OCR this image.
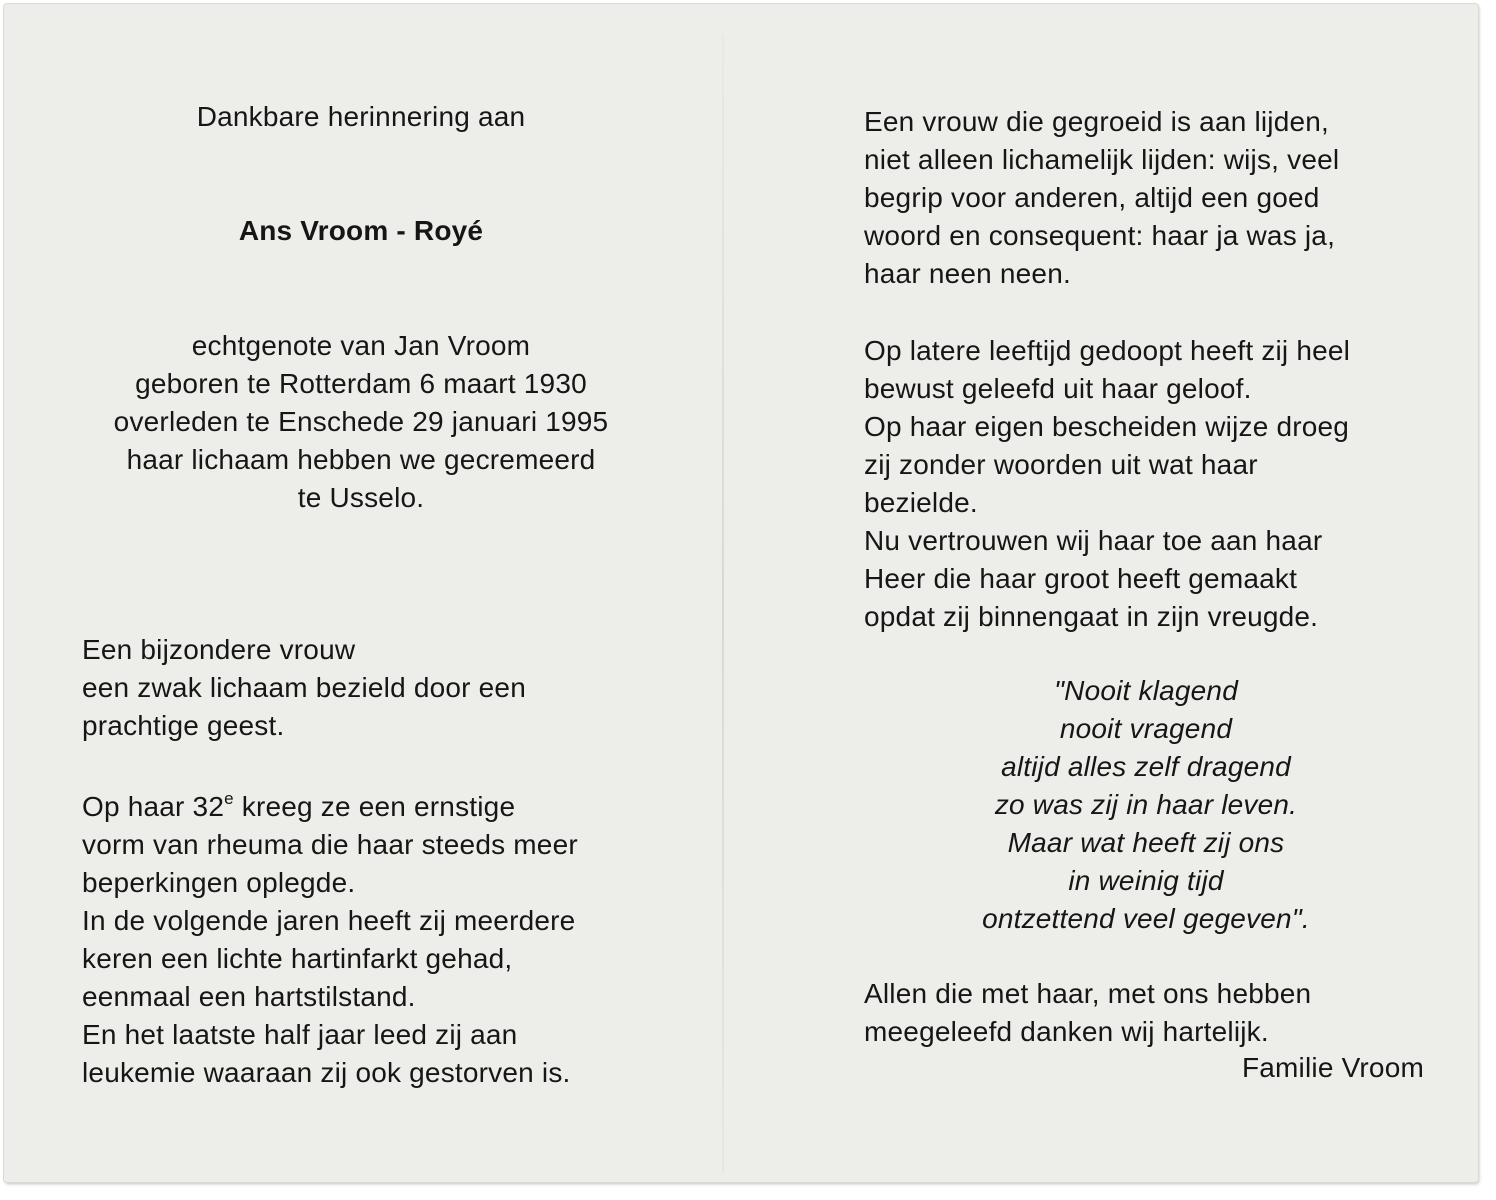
Dankbare herinnering aan
Ans Vroom - Royé
echtgenote van Jan Vroom
geboren te Rotterdam 6 maart 1930
overleden te Enschede 29 januari 1995
haar lichaam hebben we gecremeerd
te Usselo.
Een bijzondere vrouw
een zwak lichaam bezield door een
prachtige geest.
Op haar 32e kreeg ze een ernstige
vorm van rheuma die haar steeds meer
beperkingen oplegde.
In de volgende jaren heeft zij meerdere
keren een lichte hartinfarkt gehad,
eenmaal een hartstilstand.
En het laatste half jaar leed zij aan
leukemie waaraan zij ook gestorven is.
Een vrouw die gegroeid is aan lijden,
niet alleen lichamelijk lijden: wijs, veel
begrip voor anderen, altijd een goed
woord en consequent: haar ja was ja,
haar neen neen.
Op latere leeftijd gedoopt heeft zij heel
bewust geleefd uit haar geloof.
Op haar eigen bescheiden wijze droeg
zij zonder woorden uit wat haar
bezielde.
Nu vertrouwen wij haar toe aan haar
Heer die haar groot heeft gemaakt
opdat zij binnengaat in zijn vreugde.
"Nooit klagend
nooit vragend
altijd alles zelf dragend
zo was zij in haar leven.
Maar wat heeft zij ons
in weinig tijd
ontzettend veel gegeven".
Allen die met haar, met ons hebben
meegeleefd danken wij hartelijk.
Familie Vroom
